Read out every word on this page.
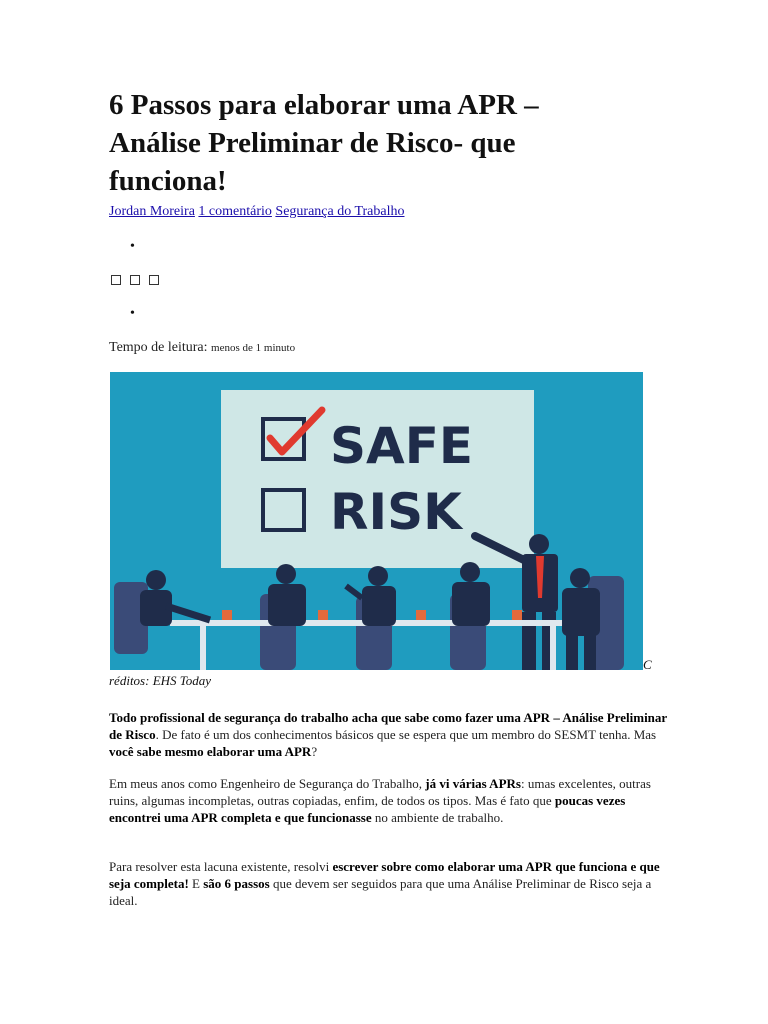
6 Passos para elaborar uma APR –
Análise Preliminar de Risco- que
funciona!
Jordan Moreira 1 comentário Segurança do Trabalho
•
•
Tempo de leitura: menos de 1 minuto
SAFE
RISK
C
réditos: EHS Today

Todo profissional de segurança do trabalho acha que sabe como fazer uma APR – Análise Preliminar de Risco. De fato é um dos conhecimentos básicos que se espera que um membro do SESMT tenha. Mas você sabe mesmo elaborar uma APR?

Em meus anos como Engenheiro de Segurança do Trabalho, já vi várias APRs: umas excelentes, outras ruins, algumas incompletas, outras copiadas, enfim, de todos os tipos. Mas é fato que poucas vezes encontrei uma APR completa e que funcionasse no ambiente de trabalho.

Para resolver esta lacuna existente, resolvi escrever sobre como elaborar uma APR que funciona e que seja completa! E são 6 passos que devem ser seguidos para que uma Análise Preliminar de Risco seja a ideal.
